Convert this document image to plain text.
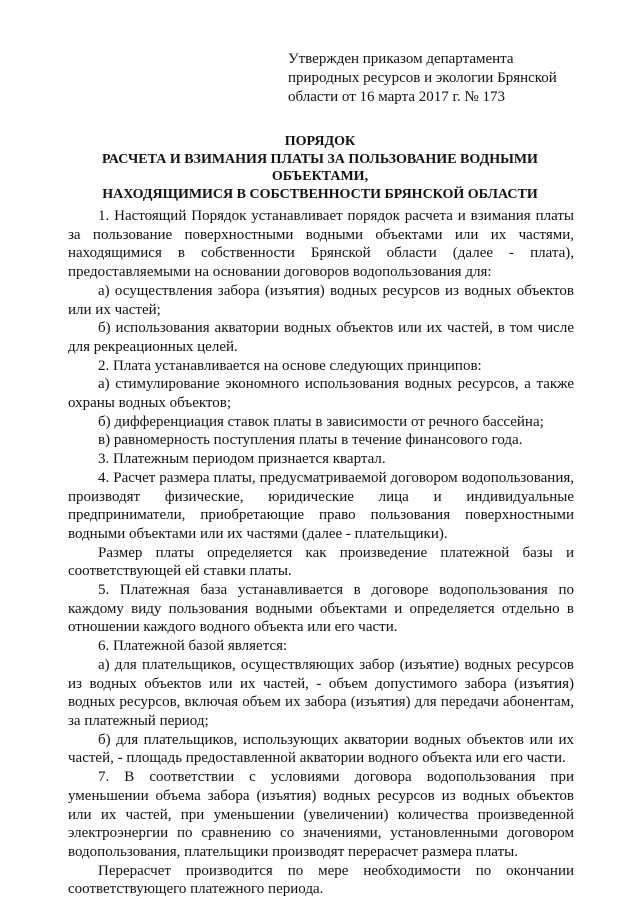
Утвержден приказом департамента

природных ресурсов и экологии Брянской

области от 16 марта 2017 г. № 173

ПОРЯДОК

РАСЧЕТА И ВЗИМАНИЯ ПЛАТЫ ЗА ПОЛЬЗОВАНИЕ ВОДНЫМИ ОБЪЕКТАМИ,

НАХОДЯЩИМИСЯ В СОБСТВЕННОСТИ БРЯНСКОЙ ОБЛАСТИ

1. Настоящий Порядок устанавливает порядок расчета и взимания платы за пользование поверхностными водными объектами или их частями, находящимися в собственности Брянской области (далее - плата), предоставляемыми на основании договоров водопользования для:

а) осуществления забора (изъятия) водных ресурсов из водных объектов или их частей;

б) использования акватории водных объектов или их частей, в том числе для рекреационных целей.

2. Плата устанавливается на основе следующих принципов:

а) стимулирование экономного использования водных ресурсов, а также охраны водных объектов;

б) дифференциация ставок платы в зависимости от речного бассейна;

в) равномерность поступления платы в течение финансового года.

3. Платежным периодом признается квартал.

4. Расчет размера платы, предусматриваемой договором водопользования, производят физические, юридические лица и индивидуальные предприниматели, приобретающие право пользования поверхностными водными объектами или их частями (далее - плательщики).

Размер платы определяется как произведение платежной базы и соответствующей ей ставки платы.

5. Платежная база устанавливается в договоре водопользования по каждому виду пользования водными объектами и определяется отдельно в отношении каждого водного объекта или его части.

6. Платежной базой является:

а) для плательщиков, осуществляющих забор (изъятие) водных ресурсов из водных объектов или их частей, - объем допустимого забора (изъятия) водных ресурсов, включая объем их забора (изъятия) для передачи абонентам, за платежный период;

б) для плательщиков, использующих акватории водных объектов или их частей, - площадь предоставленной акватории водного объекта или его части.

7. В соответствии с условиями договора водопользования при уменьшении объема забора (изъятия) водных ресурсов из водных объектов или их частей, при уменьшении (увеличении) количества произведенной электроэнергии по сравнению со значениями, установленными договором водопользования, плательщики производят перерасчет размера платы.

Перерасчет производится по мере необходимости по окончании соответствующего платежного периода.
